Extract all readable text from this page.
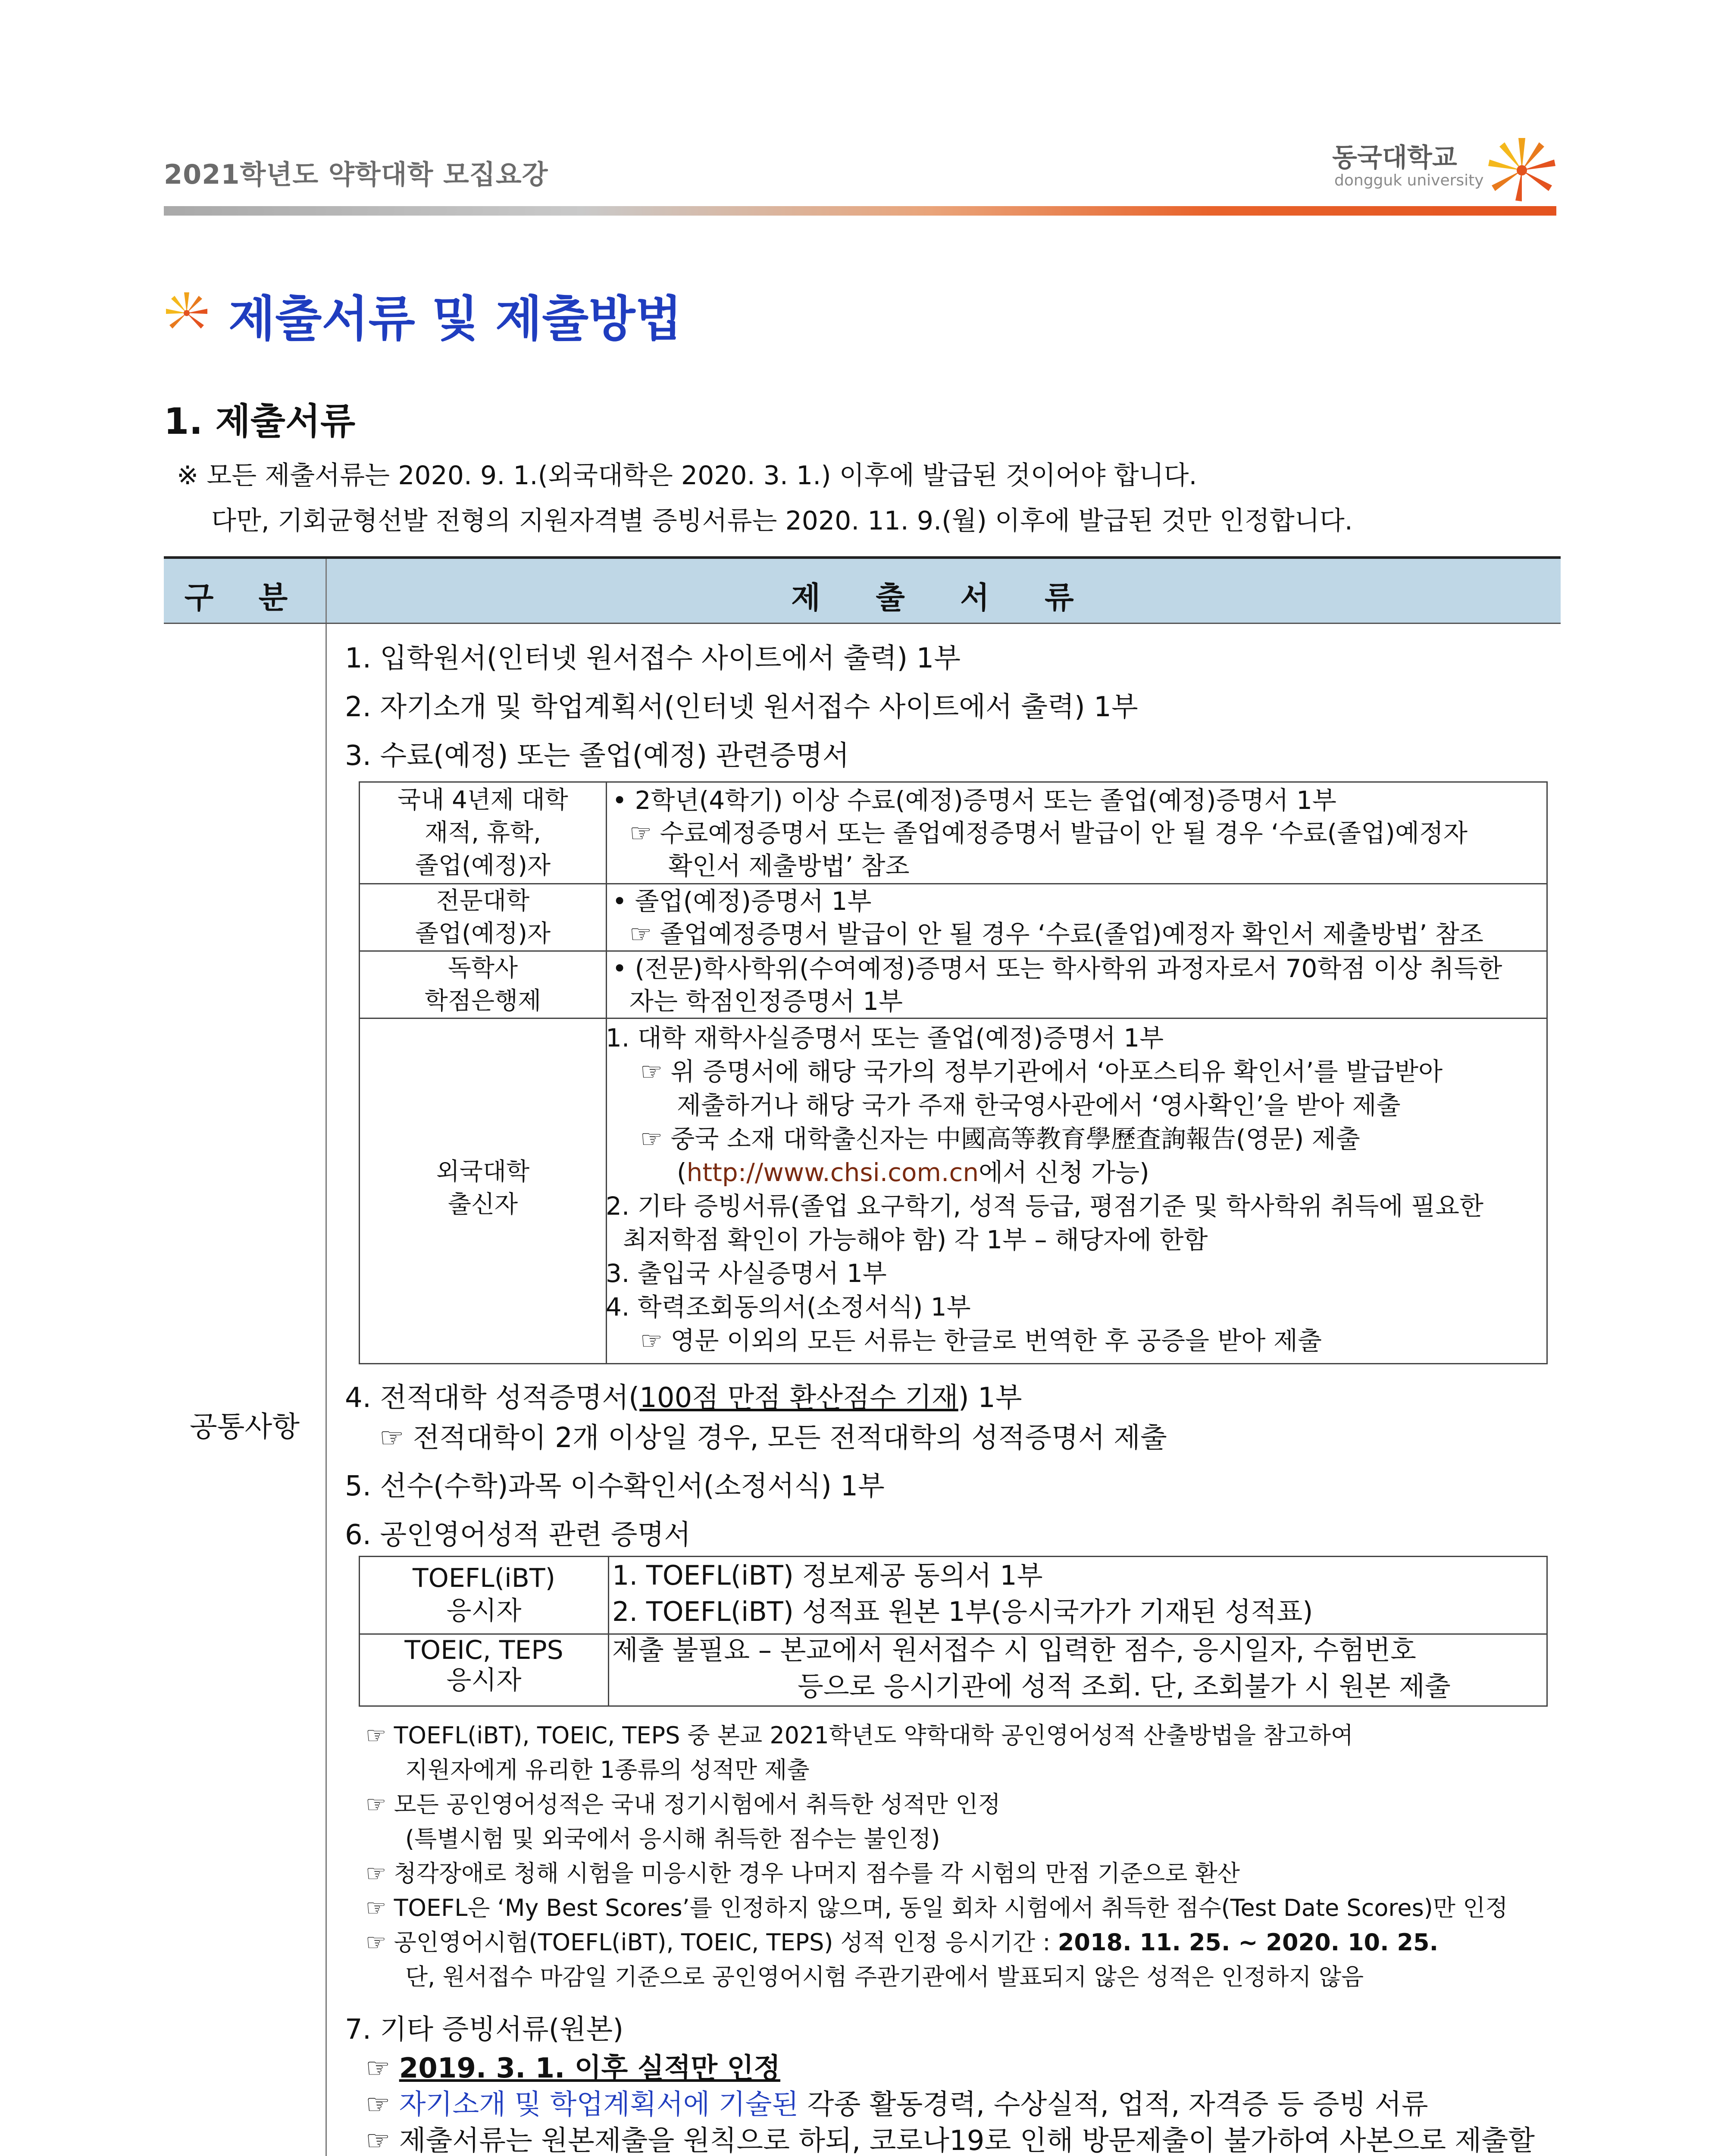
2021학년도 약학대학 모집요강
동국대학교
dongguk university
제출서류 및 제출방법
1. 제출서류
※ 모든 제출서류는 2020. 9. 1.(외국대학은 2020. 3. 1.) 이후에 발급된 것이어야 합니다.
다만, 기회균형선발 전형의 지원자격별 증빙서류는 2020. 11. 9.(월) 이후에 발급된 것만 인정합니다.
구 분	제 출 서 류
공통사항
1. 입학원서(인터넷 원서접수 사이트에서 출력) 1부
2. 자기소개 및 학업계획서(인터넷 원서접수 사이트에서 출력) 1부
3. 수료(예정) 또는 졸업(예정) 관련증명서
국내 4년제 대학
재적, 휴학,
졸업(예정)자
• 2학년(4학기) 이상 수료(예정)증명서 또는 졸업(예정)증명서 1부
☞ 수료예정증명서 또는 졸업예정증명서 발급이 안 될 경우 ‘수료(졸업)예정자
확인서 제출방법’ 참조
전문대학
졸업(예정)자
• 졸업(예정)증명서 1부
☞ 졸업예정증명서 발급이 안 될 경우 ‘수료(졸업)예정자 확인서 제출방법’ 참조
독학사
학점은행제
• (전문)학사학위(수여예정)증명서 또는 학사학위 과정자로서 70학점 이상 취득한
자는 학점인정증명서 1부
외국대학
출신자
1. 대학 재학사실증명서 또는 졸업(예정)증명서 1부
☞ 위 증명서에 해당 국가의 정부기관에서 ‘아포스티유 확인서’를 발급받아
제출하거나 해당 국가 주재 한국영사관에서 ‘영사확인’을 받아 제출
☞ 중국 소재 대학출신자는 中國高等教育學歷査詢報告(영문) 제출
(http://www.chsi.com.cn에서 신청 가능)
2. 기타 증빙서류(졸업 요구학기, 성적 등급, 평점기준 및 학사학위 취득에 필요한
최저학점 확인이 가능해야 함) 각 1부 – 해당자에 한함
3. 출입국 사실증명서 1부
4. 학력조회동의서(소정서식) 1부
☞ 영문 이외의 모든 서류는 한글로 번역한 후 공증을 받아 제출
4. 전적대학 성적증명서(100점 만점 환산점수 기재) 1부
☞ 전적대학이 2개 이상일 경우, 모든 전적대학의 성적증명서 제출
5. 선수(수학)과목 이수확인서(소정서식) 1부
6. 공인영어성적 관련 증명서
TOEFL(iBT)
응시자
1. TOEFL(iBT) 정보제공 동의서 1부
2. TOEFL(iBT) 성적표 원본 1부(응시국가가 기재된 성적표)
TOEIC, TEPS
응시자
제출 불필요 – 본교에서 원서접수 시 입력한 점수, 응시일자, 수험번호
등으로 응시기관에 성적 조회. 단, 조회불가 시 원본 제출
☞ TOEFL(iBT), TOEIC, TEPS 중 본교 2021학년도 약학대학 공인영어성적 산출방법을 참고하여
지원자에게 유리한 1종류의 성적만 제출
☞ 모든 공인영어성적은 국내 정기시험에서 취득한 성적만 인정
(특별시험 및 외국에서 응시해 취득한 점수는 불인정)
☞ 청각장애로 청해 시험을 미응시한 경우 나머지 점수를 각 시험의 만점 기준으로 환산
☞ TOEFL은 ‘My Best Scores’를 인정하지 않으며, 동일 회차 시험에서 취득한 점수(Test Date Scores)만 인정
☞ 공인영어시험(TOEFL(iBT), TOEIC, TEPS) 성적 인정 응시기간 : 2018. 11. 25. ~ 2020. 10. 25.
단, 원서접수 마감일 기준으로 공인영어시험 주관기관에서 발표되지 않은 성적은 인정하지 않음
7. 기타 증빙서류(원본)
☞ 2019. 3. 1. 이후 실적만 인정
☞ 자기소개 및 학업계획서에 기술된 각종 활동경력, 수상실적, 업적, 자격증 등 증빙 서류
☞ 제출서류는 원본제출을 원칙으로 하되, 코로나19로 인해 방문제출이 불가하여 사본으로 제출할
